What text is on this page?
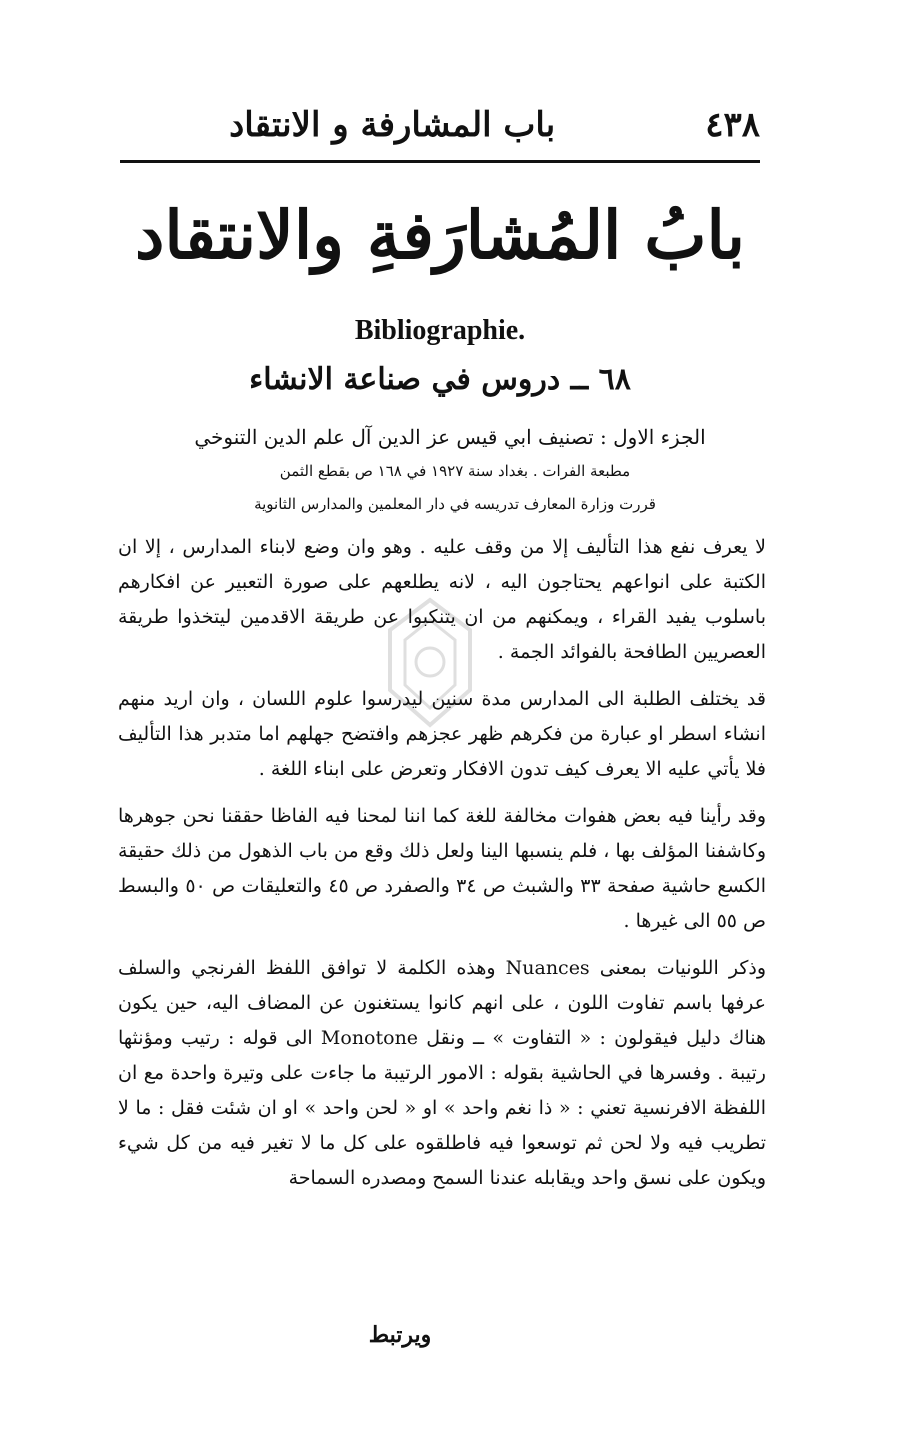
٤٣٨
باب المشارفة و الانتقاد
بابُ المُشارَفةِ والانتقاد
Bibliographie.
٦٨ ــ دروس في صناعة الانشاء
الجزء الاول : تصنيف ابي قيس عز الدين آل علم الدين التنوخي
مطبعة الفرات . بغداد سنة ١٩٢٧ في ١٦٨ ص بقطع الثمن
قررت وزارة المعارف تدريسه في دار المعلمين والمدارس الثانوية

لا يعرف نفع هذا التأليف إلا من وقف عليه . وهو وان وضع لابناء المدارس ، إلا ان الكتبة على انواعهم يحتاجون اليه ، لانه يطلعهم على صورة التعبير عن افكارهم باسلوب يفيد القراء ، ويمكنهم من ان يتنكبوا عن طريقة الاقدمين ليتخذوا طريقة العصريين الطافحة بالفوائد الجمة .

قد يختلف الطلبة الى المدارس مدة سنين ليدرسوا علوم اللسان ، وان اريد منهم انشاء اسطر او عبارة من فكرهم ظهر عجزهم وافتضح جهلهم اما متدبر هذا التأليف فلا يأتي عليه الا يعرف كيف تدون الافكار وتعرض على ابناء اللغة .

وقد رأينا فيه بعض هفوات مخالفة للغة كما اننا لمحنا فيه الفاظا حققنا نحن جوهرها وكاشفنا المؤلف بها ، فلم ينسبها الينا ولعل ذلك وقع من باب الذهول من ذلك حقيقة الكسع حاشية صفحة ٣٣ والشبث ص ٣٤ والصفرد ص ٤٥ والتعليقات ص ٥٠ والبسط ص ٥٥ الى غيرها .

وذكر اللونيات بمعنى Nuances وهذه الكلمة لا توافق اللفظ الفرنجي والسلف عرفها باسم تفاوت اللون ، على انهم كانوا يستغنون عن المضاف اليه، حين يكون هناك دليل فيقولون : « التفاوت » ــ ونقل Monotone الى قوله : رتيب ومؤنثها رتيبة . وفسرها في الحاشية بقوله : الامور الرتيبة ما جاءت على وتيرة واحدة مع ان اللفظة الافرنسية تعني : « ذا نغم واحد » او « لحن واحد » او ان شئت فقل : ما لا تطريب فيه ولا لحن ثم توسعوا فيه فاطلقوه على كل ما لا تغير فيه من كل شيء ويكون على نسق واحد ويقابله عندنا السمح ومصدره السماحة

ويرتبط
